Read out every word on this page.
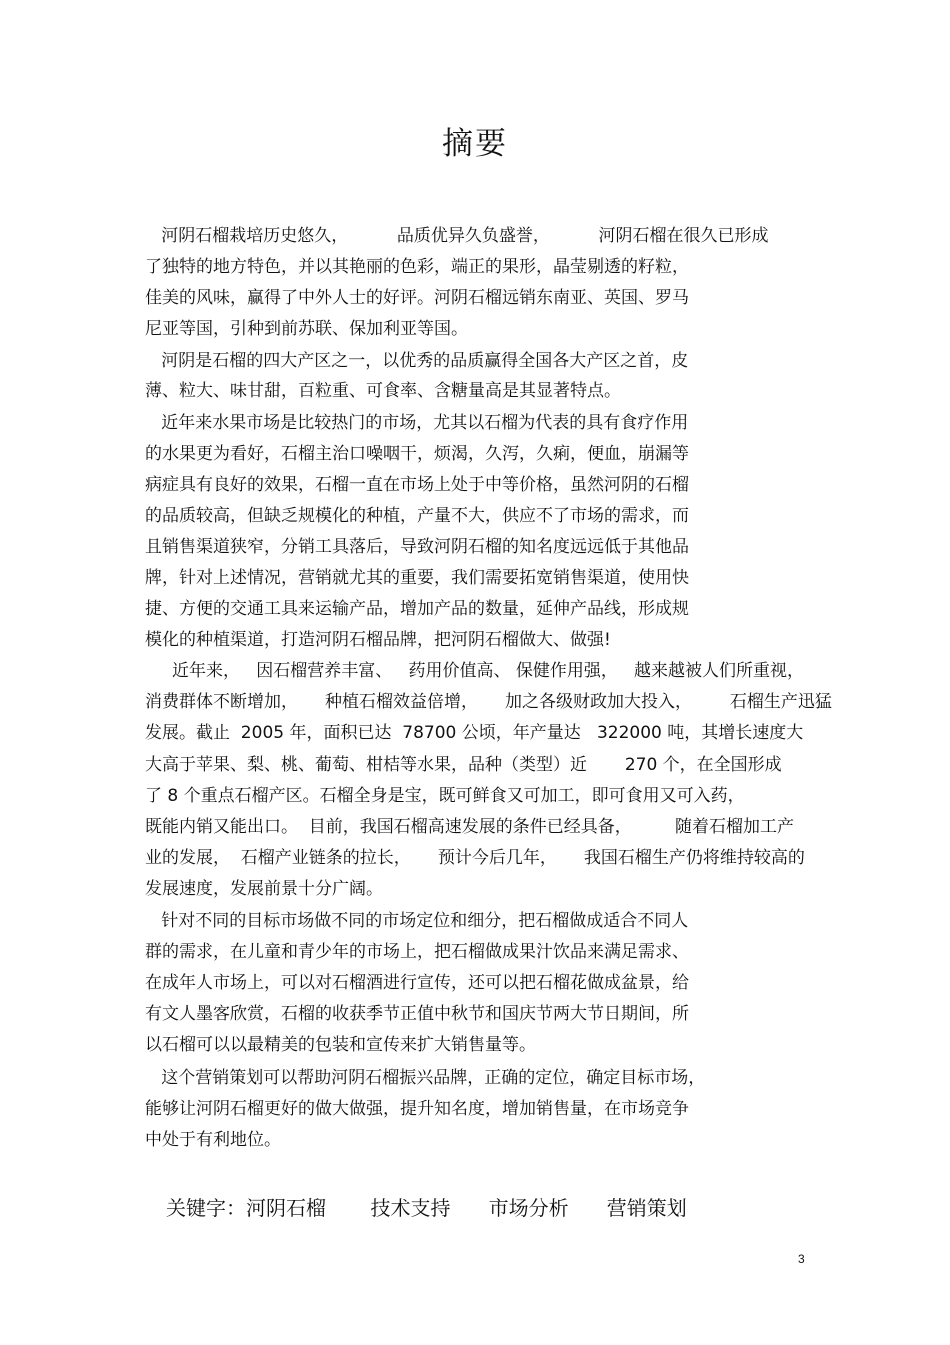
摘要

河阴石榴栽培历史悠久，         品质优异久负盛誉，         河阴石榴在很久已形成

了独特的地方特色，并以其艳丽的色彩，端正的果形，晶莹剔透的籽粒，

佳美的风味，赢得了中外人士的好评。河阴石榴远销东南亚、英国、罗马

尼亚等国，引种到前苏联、保加利亚等国。

河阴是石榴的四大产区之一，以优秀的品质赢得全国各大产区之首，皮

薄、粒大、味甘甜，百粒重、可食率、含糖量高是其显著特点。

近年来水果市场是比较热门的市场，尤其以石榴为代表的具有食疗作用

的水果更为看好，石榴主治口噪咽干，烦渴，久泻，久痢，便血，崩漏等

病症具有良好的效果，石榴一直在市场上处于中等价格，虽然河阴的石榴

的品质较高，但缺乏规模化的种植，产量不大，供应不了市场的需求，而

且销售渠道狭窄，分销工具落后，导致河阴石榴的知名度远远低于其他品

牌，针对上述情况，营销就尤其的重要，我们需要拓宽销售渠道，使用快

捷、方便的交通工具来运输产品，增加产品的数量，延伸产品线，形成规

模化的种植渠道，打造河阴石榴品牌，把河阴石榴做大、做强!

近年来，   因石榴营养丰富、   药用价值高、 保健作用强，   越来越被人们所重视，

消费群体不断增加，     种植石榴效益倍增，     加之各级财政加大投入，       石榴生产迅猛

发展。截止  2005 年，面积已达  78700 公顷，年产量达   322000 吨，其增长速度大

大高于苹果、梨、桃、葡萄、柑桔等水果，品种（类型）近       270 个，在全国形成

了 8 个重点石榴产区。石榴全身是宝，既可鲜食又可加工，即可食用又可入药，

既能内销又能出口。  目前，我国石榴高速发展的条件已经具备，        随着石榴加工产

业的发展，  石榴产业链条的拉长，     预计今后几年，     我国石榴生产仍将维持较高的

发展速度，发展前景十分广阔。

针对不同的目标市场做不同的市场定位和细分，把石榴做成适合不同人

群的需求，在儿童和青少年的市场上，把石榴做成果汁饮品来满足需求、

在成年人市场上，可以对石榴酒进行宣传，还可以把石榴花做成盆景，给

有文人墨客欣赏，石榴的收获季节正值中秋节和国庆节两大节日期间，所

以石榴可以以最精美的包装和宣传来扩大销售量等。

这个营销策划可以帮助河阴石榴振兴品牌，正确的定位，确定目标市场，

能够让河阴石榴更好的做大做强，提升知名度，增加销售量，在市场竞争

中处于有利地位。

关键字：河阴石榴       技术支持      市场分析      营销策划

3
